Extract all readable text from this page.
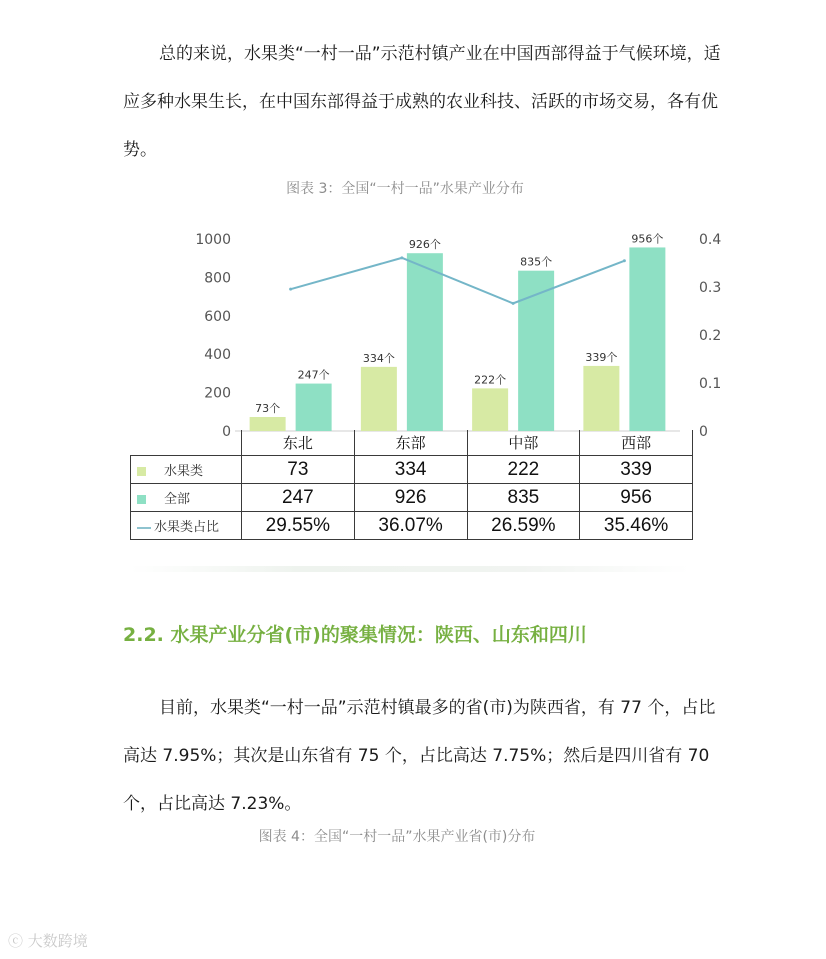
总的来说，水果类“一村一品”示范村镇产业在中国西部得益于气候环境，适应多种水果生长，在中国东部得益于成熟的农业科技、活跃的市场交易，各有优势。

图表 3：全国“一村一品”水果产业分布
0
200
400
600
800
1000
0
0.1
0.2
0.3
0.4
73个
247个
334个
926个
222个
835个
339个
956个
	东北	东部	中部	西部
水果类	73	334	222	339
全部	247	926	835	956
水果类占比	29.55%	36.07%	26.59%	35.46%
2.2. 水果产业分省(市)的聚集情况：陕西、山东和四川

目前，水果类“一村一品”示范村镇最多的省(市)为陕西省，有 77 个，占比高达 7.95%；其次是山东省有 75 个，占比高达 7.75%；然后是四川省有 70 个，占比高达 7.23%。

图表 4：全国“一村一品”水果产业省(市)分布
ⓒ 大数跨境
